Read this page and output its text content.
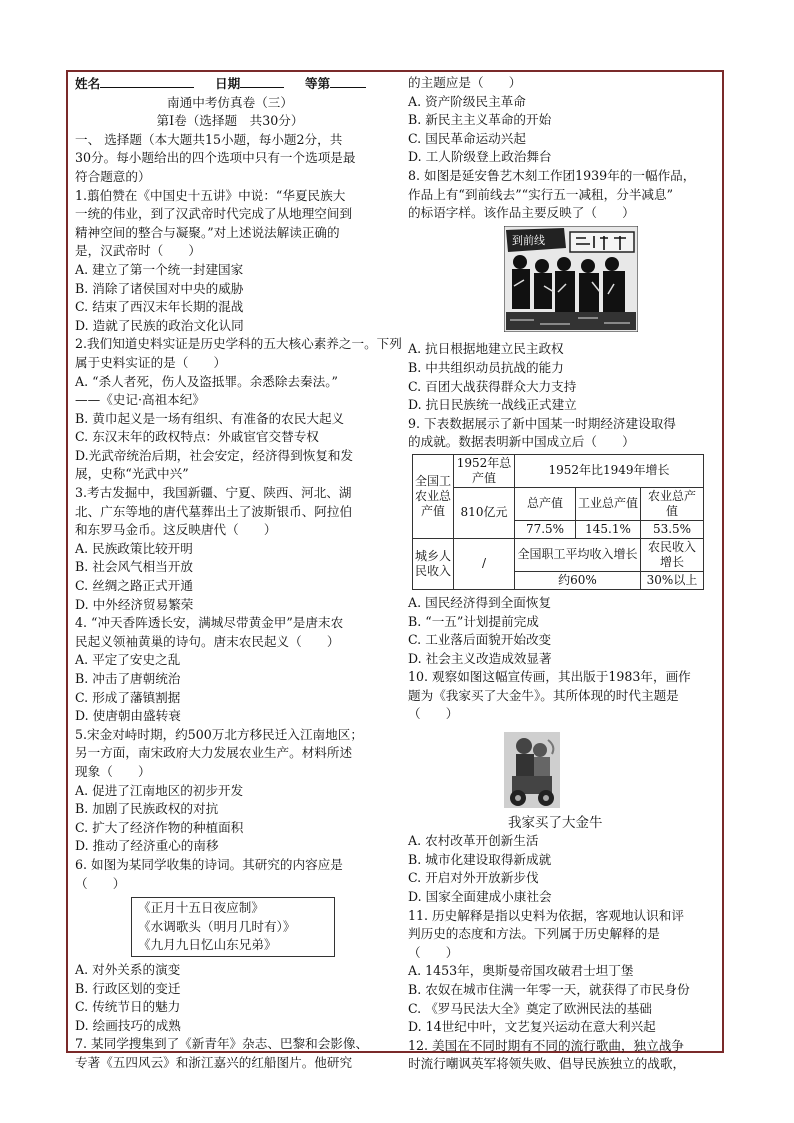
姓名	日期	等第
南通中考仿真卷（三）
第Ⅰ卷（选择题　共30分）
一、 选择题（本大题共15小题，每小题2分，共
30分。每小题给出的四个选项中只有一个选项是最
符合题意的）
1.翦伯赞在《中国史十五讲》中说：“华夏民族大
一统的伟业，到了汉武帝时代完成了从地理空间到
精神空间的整合与凝聚。”对上述说法解读正确的
是，汉武帝时（　　）
A. 建立了第一个统一封建国家
B. 消除了诸侯国对中央的威胁
C. 结束了西汉末年长期的混战
D. 造就了民族的政治文化认同
2.我们知道史料实证是历史学科的五大核心素养之一。下列
属于史料实证的是（　　）
A. “杀人者死，伤人及盗抵罪。余悉除去秦法。”
——《史记·高祖本纪》
B. 黄巾起义是一场有组织、有准备的农民大起义
C. 东汉末年的政权特点：外戚宦官交替专权
D.光武帝统治后期，社会安定，经济得到恢复和发
展，史称“光武中兴”
3.考古发掘中，我国新疆、宁夏、陕西、河北、湖
北、广东等地的唐代墓葬出土了波斯银币、阿拉伯
和东罗马金币。这反映唐代（　　）
A. 民族政策比较开明
B. 社会风气相当开放
C. 丝绸之路正式开通
D. 中外经济贸易繁荣
4. “冲天香阵透长安，满城尽带黄金甲”是唐末农
民起义领袖黄巢的诗句。唐末农民起义（　　）
A. 平定了安史之乱
B. 冲击了唐朝统治
C. 形成了藩镇割据
D. 使唐朝由盛转衰
5.宋金对峙时期，约500万北方移民迁入江南地区；
另一方面，南宋政府大力发展农业生产。材料所述
现象（　　）
A. 促进了江南地区的初步开发
B. 加剧了民族政权的对抗
C. 扩大了经济作物的种植面积
D. 推动了经济重心的南移
6. 如图为某同学收集的诗词。其研究的内容应是
（　　）
《正月十五日夜应制》
《水调歌头（明月几时有）》
《九月九日忆山东兄弟》
A. 对外关系的演变
B. 行政区划的变迁
C. 传统节日的魅力
D. 绘画技巧的成熟
7. 某同学搜集到了《新青年》杂志、巴黎和会影像、
专著《五四风云》和浙江嘉兴的红船图片。他研究
的主题应是（　　）
A. 资产阶级民主革命
B. 新民主主义革命的开始
C. 国民革命运动兴起
D. 工人阶级登上政治舞台
8. 如图是延安鲁艺木刻工作团1939年的一幅作品，
作品上有“到前线去”“实行五一减租，分半减息”
的标语字样。该作品主要反映了（　　）
到前线
A. 抗日根据地建立民主政权
B. 中共组织动员抗战的能力
C. 百团大战获得群众大力支持
D. 抗日民族统一战线正式建立
9. 下表数据展示了新中国某一时期经济建设取得
的成就。数据表明新中国成立后（　　）
全国工农业总产值	1952年总产值	1952年比1949年增长		
	810亿元	总产值	工业总产值	农业总产值
		77.5%	145.1%	53.5%
城乡人民收入	/	全国职工平均收入增长		农民收入增长
		约60%		30%以上
A. 国民经济得到全面恢复
B. “一五”计划提前完成
C. 工业落后面貌开始改变
D. 社会主义改造成效显著
10. 观察如图这幅宣传画，其出版于1983年，画作
题为《我家买了大金牛》。其所体现的时代主题是
（　　）
我家买了大金牛
A. 农村改革开创新生活
B. 城市化建设取得新成就
C. 开启对外开放新步伐
D. 国家全面建成小康社会
11. 历史解释是指以史料为依据，客观地认识和评
判历史的态度和方法。下列属于历史解释的是
（　　）
A. 1453年，奥斯曼帝国攻破君士坦丁堡
B. 农奴在城市住满一年零一天，就获得了市民身份
C. 《罗马民法大全》奠定了欧洲民法的基础
D. 14世纪中叶，文艺复兴运动在意大利兴起
12. 美国在不同时期有不同的流行歌曲，独立战争
时流行嘲讽英军将领失败、倡导民族独立的战歌，
